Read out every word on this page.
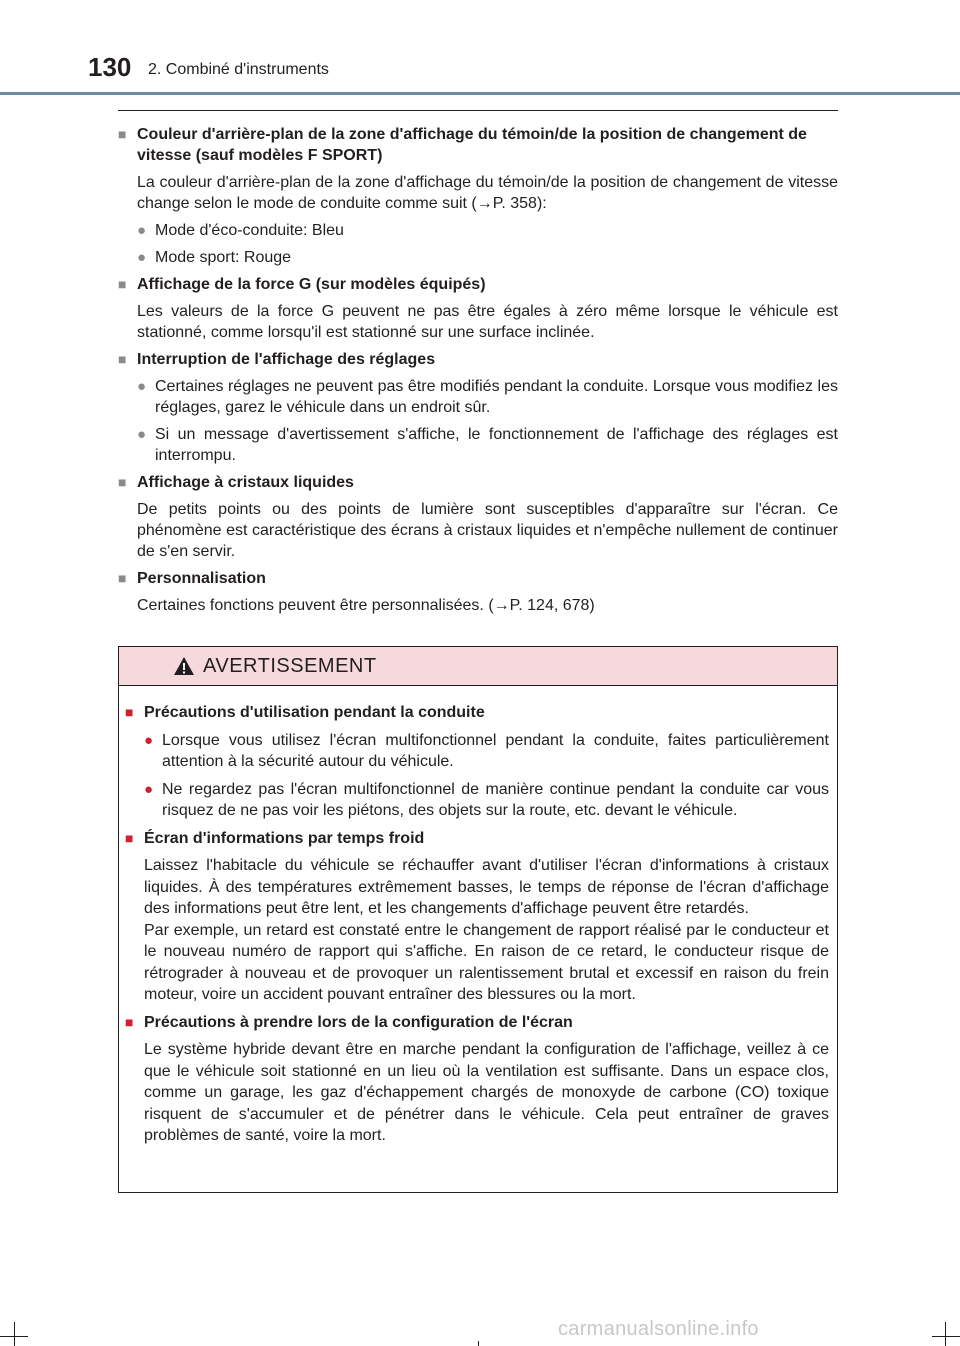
130 2. Combiné d'instruments
■ Couleur d'arrière-plan de la zone d'affichage du témoin/de la position de changement de vitesse (sauf modèles F SPORT)
La couleur d'arrière-plan de la zone d'affichage du témoin/de la position de changement de vitesse change selon le mode de conduite comme suit (→P. 358):
● Mode d'éco-conduite: Bleu
● Mode sport: Rouge
■ Affichage de la force G (sur modèles équipés)
Les valeurs de la force G peuvent ne pas être égales à zéro même lorsque le véhicule est stationné, comme lorsqu'il est stationné sur une surface inclinée.
■ Interruption de l'affichage des réglages
● Certaines réglages ne peuvent pas être modifiés pendant la conduite. Lorsque vous modifiez les réglages, garez le véhicule dans un endroit sûr.
● Si un message d'avertissement s'affiche, le fonctionnement de l'affichage des réglages est interrompu.
■ Affichage à cristaux liquides
De petits points ou des points de lumière sont susceptibles d'apparaître sur l'écran. Ce phénomène est caractéristique des écrans à cristaux liquides et n'empêche nullement de continuer de s'en servir.
■ Personnalisation
Certaines fonctions peuvent être personnalisées. (→P. 124, 678)
AVERTISSEMENT
■ Précautions d'utilisation pendant la conduite
● Lorsque vous utilisez l'écran multifonctionnel pendant la conduite, faites particulièrement attention à la sécurité autour du véhicule.
● Ne regardez pas l'écran multifonctionnel de manière continue pendant la conduite car vous risquez de ne pas voir les piétons, des objets sur la route, etc. devant le véhicule.
■ Écran d'informations par temps froid
Laissez l'habitacle du véhicule se réchauffer avant d'utiliser l'écran d'informations à cristaux liquides. À des températures extrêmement basses, le temps de réponse de l'écran d'affichage des informations peut être lent, et les changements d'affichage peuvent être retardés.
Par exemple, un retard est constaté entre le changement de rapport réalisé par le conducteur et le nouveau numéro de rapport qui s'affiche. En raison de ce retard, le conducteur risque de rétrograder à nouveau et de provoquer un ralentissement brutal et excessif en raison du frein moteur, voire un accident pouvant entraîner des blessures ou la mort.
■ Précautions à prendre lors de la configuration de l'écran
Le système hybride devant être en marche pendant la configuration de l'affichage, veillez à ce que le véhicule soit stationné en un lieu où la ventilation est suffisante. Dans un espace clos, comme un garage, les gaz d'échappement chargés de monoxyde de carbone (CO) toxique risquent de s'accumuler et de pénétrer dans le véhicule. Cela peut entraîner de graves problèmes de santé, voire la mort.
carmanualsonline.info
